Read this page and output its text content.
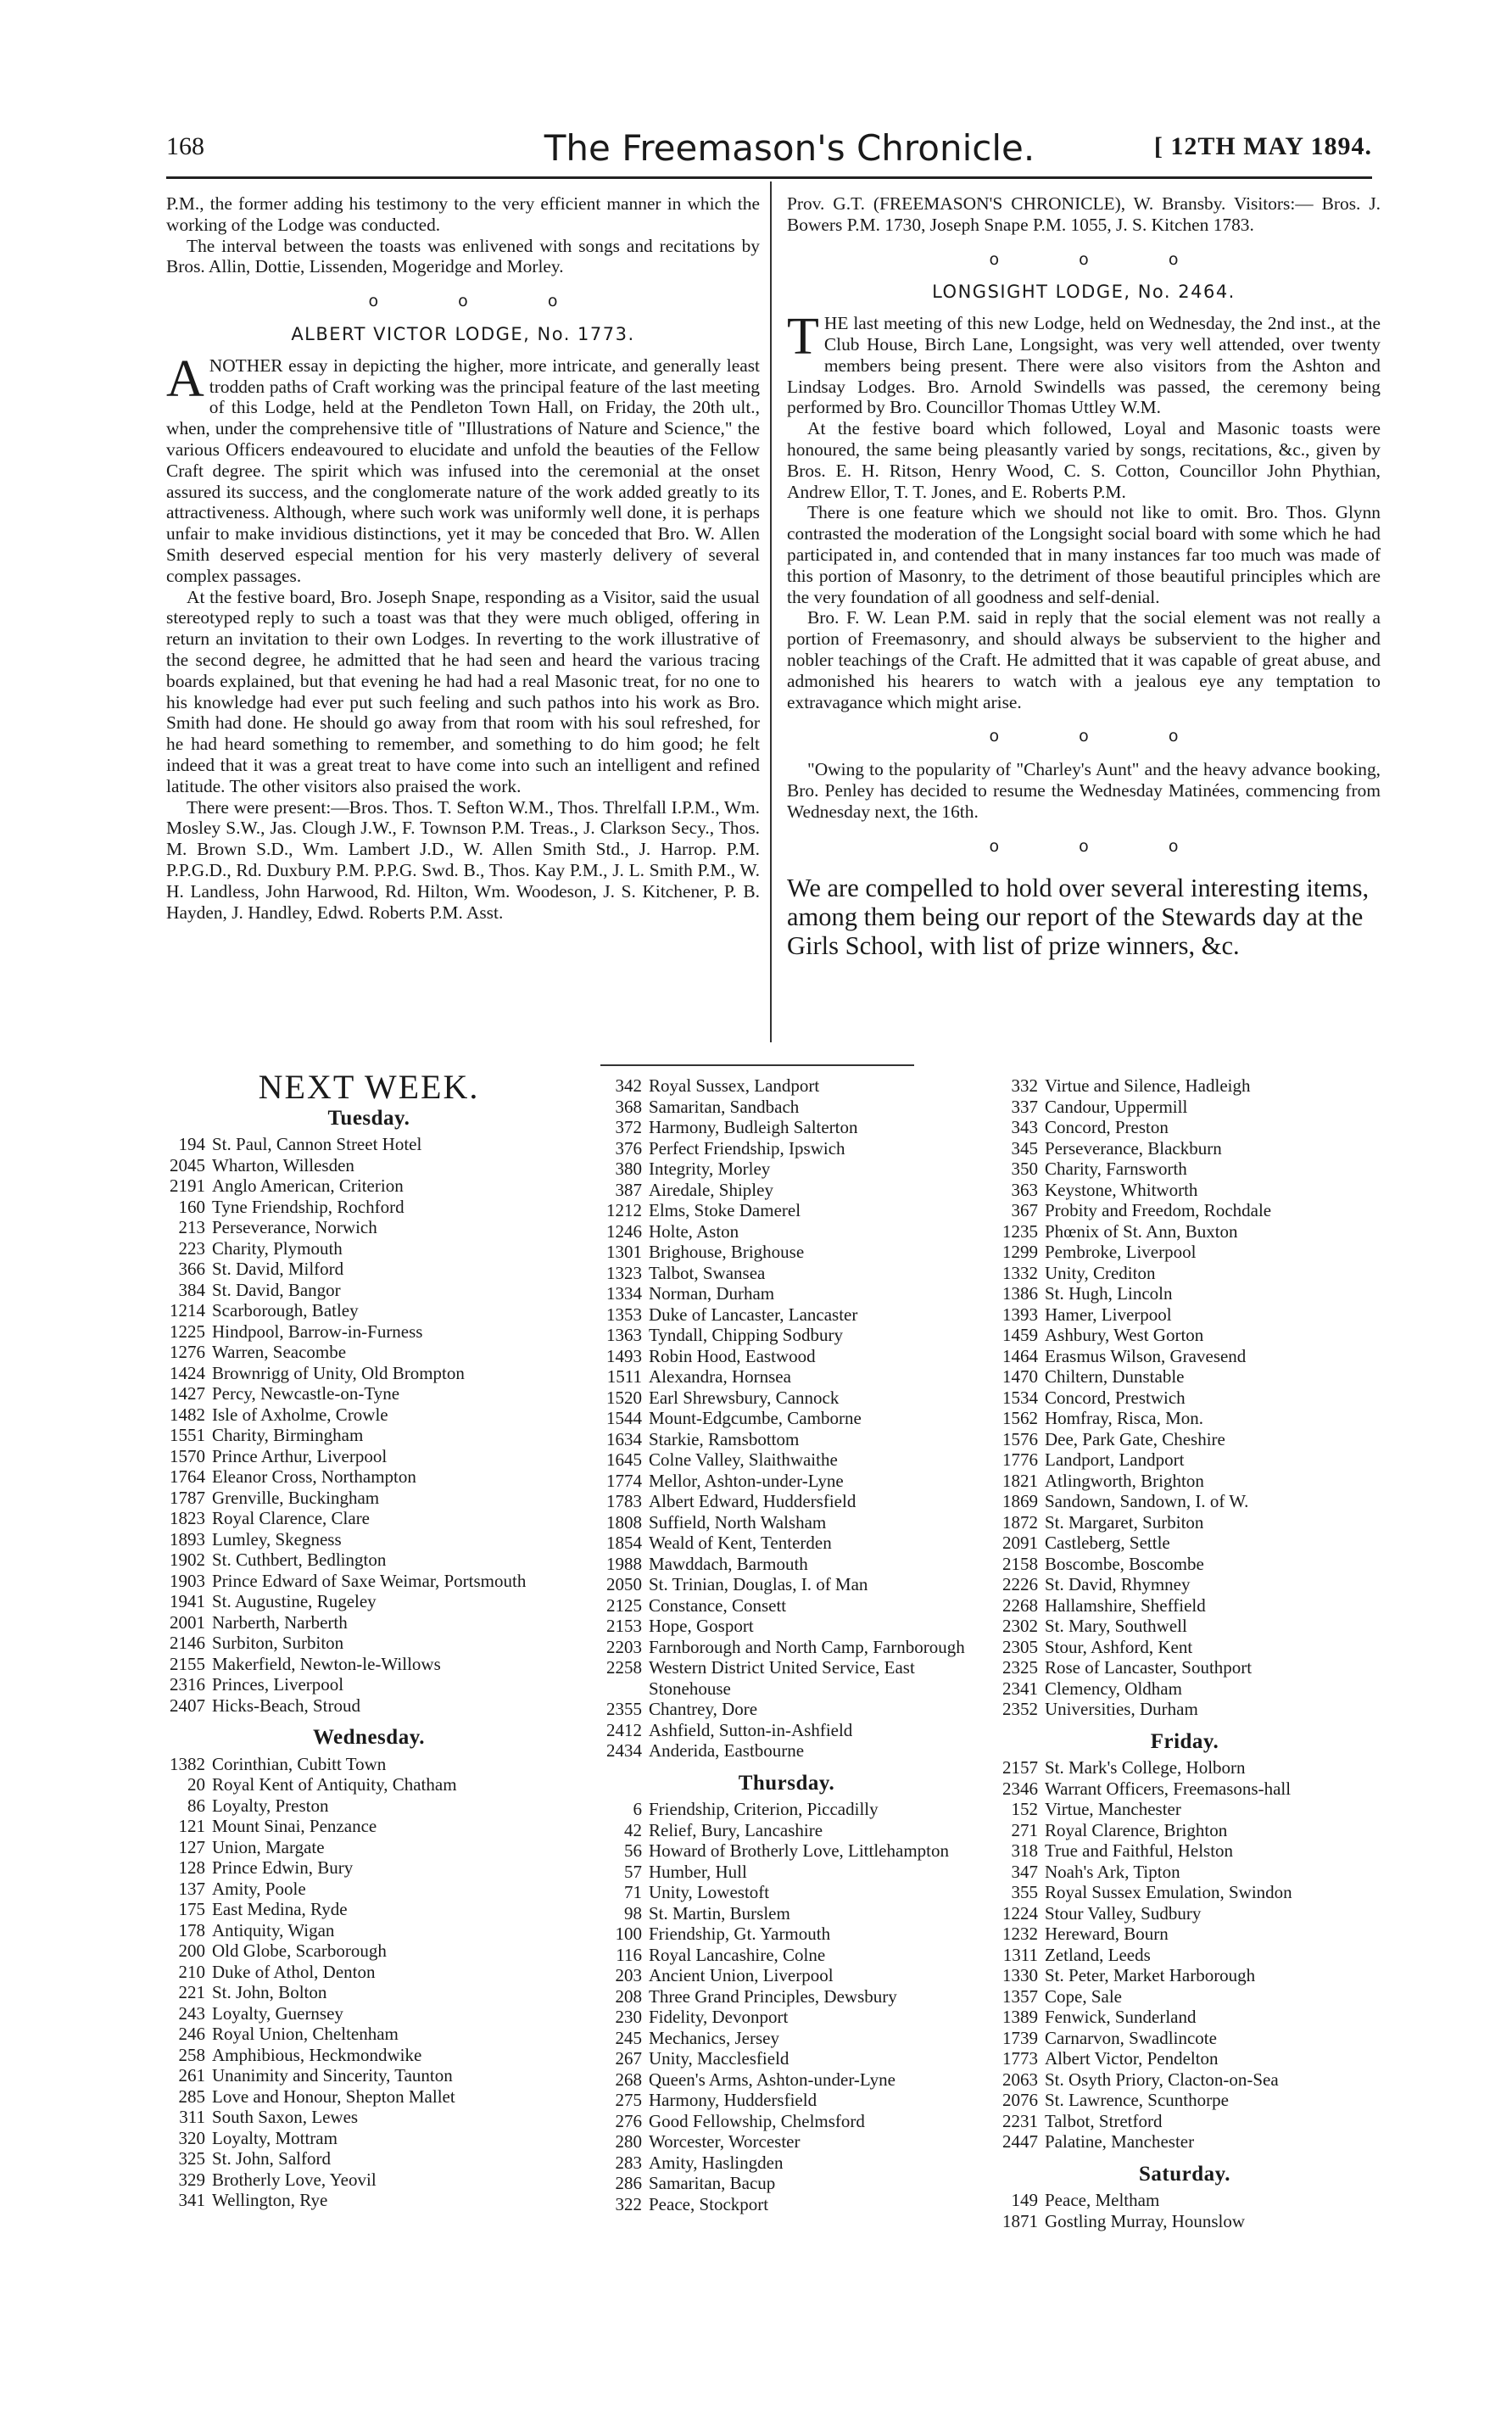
168	The Freemason's Chronicle.	[ 12TH MAY 1894.

P.M., the former adding his testimony to the very efficient manner in which the working of the Lodge was conducted.

The interval between the toasts was enlivened with songs and recitations by Bros. Allin, Dottie, Lissenden, Mogeridge and Morley.

o o o
ALBERT VICTOR LODGE, No. 1773.

ANOTHER essay in depicting the higher, more intricate, and generally least trodden paths of Craft working was the principal feature of the last meeting of this Lodge, held at the Pendleton Town Hall, on Friday, the 20th ult., when, under the comprehensive title of "Illustrations of Nature and Science," the various Officers endeavoured to elucidate and unfold the beauties of the Fellow Craft degree. The spirit which was infused into the ceremonial at the onset assured its success, and the conglomerate nature of the work added greatly to its attractiveness. Although, where such work was uniformly well done, it is perhaps unfair to make invidious distinctions, yet it may be conceded that Bro. W. Allen Smith deserved especial mention for his very masterly delivery of several complex passages.

At the festive board, Bro. Joseph Snape, responding as a Visitor, said the usual stereotyped reply to such a toast was that they were much obliged, offering in return an invitation to their own Lodges. In reverting to the work illustrative of the second degree, he admitted that he had seen and heard the various tracing boards explained, but that evening he had had a real Masonic treat, for no one to his knowledge had ever put such feeling and such pathos into his work as Bro. Smith had done. He should go away from that room with his soul refreshed, for he had heard something to remember, and something to do him good; he felt indeed that it was a great treat to have come into such an intelligent and refined latitude. The other visitors also praised the work.

There were present:—Bros. Thos. T. Sefton W.M., Thos. Threlfall I.P.M., Wm. Mosley S.W., Jas. Clough J.W., F. Townson P.M. Treas., J. Clarkson Secy., Thos. M. Brown S.D., Wm. Lambert J.D., W. Allen Smith Std., J. Harrop. P.M. P.P.G.D., Rd. Duxbury P.M. P.P.G. Swd. B., Thos. Kay P.M., J. L. Smith P.M., W. H. Landless, John Harwood, Rd. Hilton, Wm. Woodeson, J. S. Kitchener, P. B. Hayden, J. Handley, Edwd. Roberts P.M. Asst.

Prov. G.T. (FREEMASON'S CHRONICLE), W. Bransby. Visitors:— Bros. J. Bowers P.M. 1730, Joseph Snape P.M. 1055, J. S. Kitchen 1783.

o o o
LONGSIGHT LODGE, No. 2464.

THE last meeting of this new Lodge, held on Wednesday, the 2nd inst., at the Club House, Birch Lane, Longsight, was very well attended, over twenty members being present. There were also visitors from the Ashton and Lindsay Lodges. Bro. Arnold Swindells was passed, the ceremony being performed by Bro. Councillor Thomas Uttley W.M.

At the festive board which followed, Loyal and Masonic toasts were honoured, the same being pleasantly varied by songs, recitations, &c., given by Bros. E. H. Ritson, Henry Wood, C. S. Cotton, Councillor John Phythian, Andrew Ellor, T. T. Jones, and E. Roberts P.M.

There is one feature which we should not like to omit. Bro. Thos. Glynn contrasted the moderation of the Longsight social board with some which he had participated in, and contended that in many instances far too much was made of this portion of Masonry, to the detriment of those beautiful principles which are the very foundation of all goodness and self-denial.

Bro. F. W. Lean P.M. said in reply that the social element was not really a portion of Freemasonry, and should always be subservient to the higher and nobler teachings of the Craft. He admitted that it was capable of great abuse, and admonished his hearers to watch with a jealous eye any temptation to extravagance which might arise.

o o o

"Owing to the popularity of "Charley's Aunt" and the heavy advance booking, Bro. Penley has decided to resume the Wednesday Matinées, commencing from Wednesday next, the 16th.

o o o

We are compelled to hold over several interesting items, among them being our report of the Stewards day at the Girls School, with list of prize winners, &c.

NEXT WEEK.
Tuesday.
194 St. Paul, Cannon Street Hotel
2045 Wharton, Willesden
2191 Anglo American, Criterion
160 Tyne Friendship, Rochford
213 Perseverance, Norwich
223 Charity, Plymouth
366 St. David, Milford
384 St. David, Bangor
1214 Scarborough, Batley
1225 Hindpool, Barrow-in-Furness
1276 Warren, Seacombe
1424 Brownrigg of Unity, Old Brompton
1427 Percy, Newcastle-on-Tyne
1482 Isle of Axholme, Crowle
1551 Charity, Birmingham
1570 Prince Arthur, Liverpool
1764 Eleanor Cross, Northampton
1787 Grenville, Buckingham
1823 Royal Clarence, Clare
1893 Lumley, Skegness
1902 St. Cuthbert, Bedlington
1903 Prince Edward of Saxe Weimar, Portsmouth
1941 St. Augustine, Rugeley
2001 Narberth, Narberth
2146 Surbiton, Surbiton
2155 Makerfield, Newton-le-Willows
2316 Princes, Liverpool
2407 Hicks-Beach, Stroud
Wednesday.
1382 Corinthian, Cubitt Town
20 Royal Kent of Antiquity, Chatham
86 Loyalty, Preston
121 Mount Sinai, Penzance
127 Union, Margate
128 Prince Edwin, Bury
137 Amity, Poole
175 East Medina, Ryde
178 Antiquity, Wigan
200 Old Globe, Scarborough
210 Duke of Athol, Denton
221 St. John, Bolton
243 Loyalty, Guernsey
246 Royal Union, Cheltenham
258 Amphibious, Heckmondwike
261 Unanimity and Sincerity, Taunton
285 Love and Honour, Shepton Mallet
311 South Saxon, Lewes
320 Loyalty, Mottram
325 St. John, Salford
329 Brotherly Love, Yeovil
341 Wellington, Rye
342 Royal Sussex, Landport
368 Samaritan, Sandbach
372 Harmony, Budleigh Salterton
376 Perfect Friendship, Ipswich
380 Integrity, Morley
387 Airedale, Shipley
1212 Elms, Stoke Damerel
1246 Holte, Aston
1301 Brighouse, Brighouse
1323 Talbot, Swansea
1334 Norman, Durham
1353 Duke of Lancaster, Lancaster
1363 Tyndall, Chipping Sodbury
1493 Robin Hood, Eastwood
1511 Alexandra, Hornsea
1520 Earl Shrewsbury, Cannock
1544 Mount-Edgcumbe, Camborne
1634 Starkie, Ramsbottom
1645 Colne Valley, Slaithwaithe
1774 Mellor, Ashton-under-Lyne
1783 Albert Edward, Huddersfield
1808 Suffield, North Walsham
1854 Weald of Kent, Tenterden
1988 Mawddach, Barmouth
2050 St. Trinian, Douglas, I. of Man
2125 Constance, Consett
2153 Hope, Gosport
2203 Farnborough and North Camp, Farnborough
2258 Western District United Service, East Stonehouse
2355 Chantrey, Dore
2412 Ashfield, Sutton-in-Ashfield
2434 Anderida, Eastbourne
Thursday.
6 Friendship, Criterion, Piccadilly
42 Relief, Bury, Lancashire
56 Howard of Brotherly Love, Littlehampton
57 Humber, Hull
71 Unity, Lowestoft
98 St. Martin, Burslem
100 Friendship, Gt. Yarmouth
116 Royal Lancashire, Colne
203 Ancient Union, Liverpool
208 Three Grand Principles, Dewsbury
230 Fidelity, Devonport
245 Mechanics, Jersey
267 Unity, Macclesfield
268 Queen's Arms, Ashton-under-Lyne
275 Harmony, Huddersfield
276 Good Fellowship, Chelmsford
280 Worcester, Worcester
283 Amity, Haslingden
286 Samaritan, Bacup
322 Peace, Stockport
332 Virtue and Silence, Hadleigh
337 Candour, Uppermill
343 Concord, Preston
345 Perseverance, Blackburn
350 Charity, Farnsworth
363 Keystone, Whitworth
367 Probity and Freedom, Rochdale
1235 Phœnix of St. Ann, Buxton
1299 Pembroke, Liverpool
1332 Unity, Crediton
1386 St. Hugh, Lincoln
1393 Hamer, Liverpool
1459 Ashbury, West Gorton
1464 Erasmus Wilson, Gravesend
1470 Chiltern, Dunstable
1534 Concord, Prestwich
1562 Homfray, Risca, Mon.
1576 Dee, Park Gate, Cheshire
1776 Landport, Landport
1821 Atlingworth, Brighton
1869 Sandown, Sandown, I. of W.
1872 St. Margaret, Surbiton
2091 Castleberg, Settle
2158 Boscombe, Boscombe
2226 St. David, Rhymney
2268 Hallamshire, Sheffield
2302 St. Mary, Southwell
2305 Stour, Ashford, Kent
2325 Rose of Lancaster, Southport
2341 Clemency, Oldham
2352 Universities, Durham
Friday.
2157 St. Mark's College, Holborn
2346 Warrant Officers, Freemasons-hall
152 Virtue, Manchester
271 Royal Clarence, Brighton
318 True and Faithful, Helston
347 Noah's Ark, Tipton
355 Royal Sussex Emulation, Swindon
1224 Stour Valley, Sudbury
1232 Hereward, Bourn
1311 Zetland, Leeds
1330 St. Peter, Market Harborough
1357 Cope, Sale
1389 Fenwick, Sunderland
1739 Carnarvon, Swadlincote
1773 Albert Victor, Pendelton
2063 St. Osyth Priory, Clacton-on-Sea
2076 St. Lawrence, Scunthorpe
2231 Talbot, Stretford
2447 Palatine, Manchester
Saturday.
149 Peace, Meltham
1871 Gostling Murray, Hounslow
